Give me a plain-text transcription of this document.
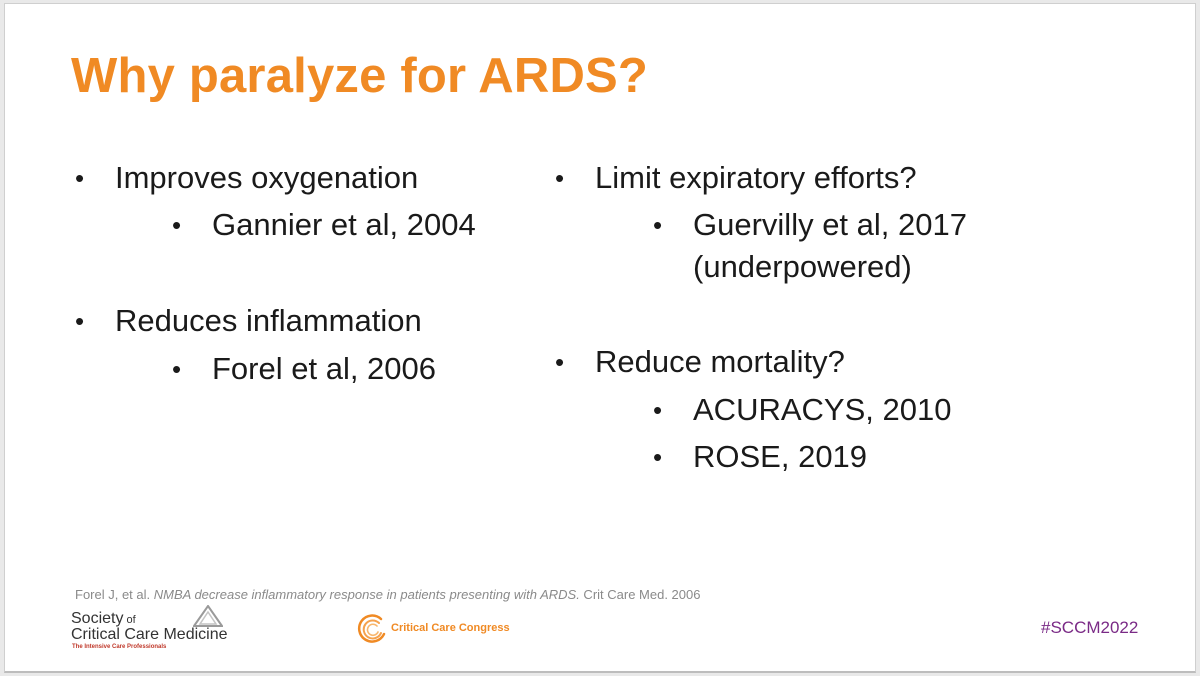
Why paralyze for ARDS?
• Improves oxygenation
• Gannier et al, 2004
• Reduces inflammation
• Forel et al, 2006
• Limit expiratory efforts?
• Guervilly et al, 2017
(underpowered)
• Reduce mortality?
• ACURACYS, 2010
• ROSE, 2019
Forel J, et al. NMBA decrease inflammatory response in patients presenting with ARDS. Crit Care Med. 2006
Society of
Critical Care Medicine
The Intensive Care Professionals
Critical Care Congress	#SCCM2022
